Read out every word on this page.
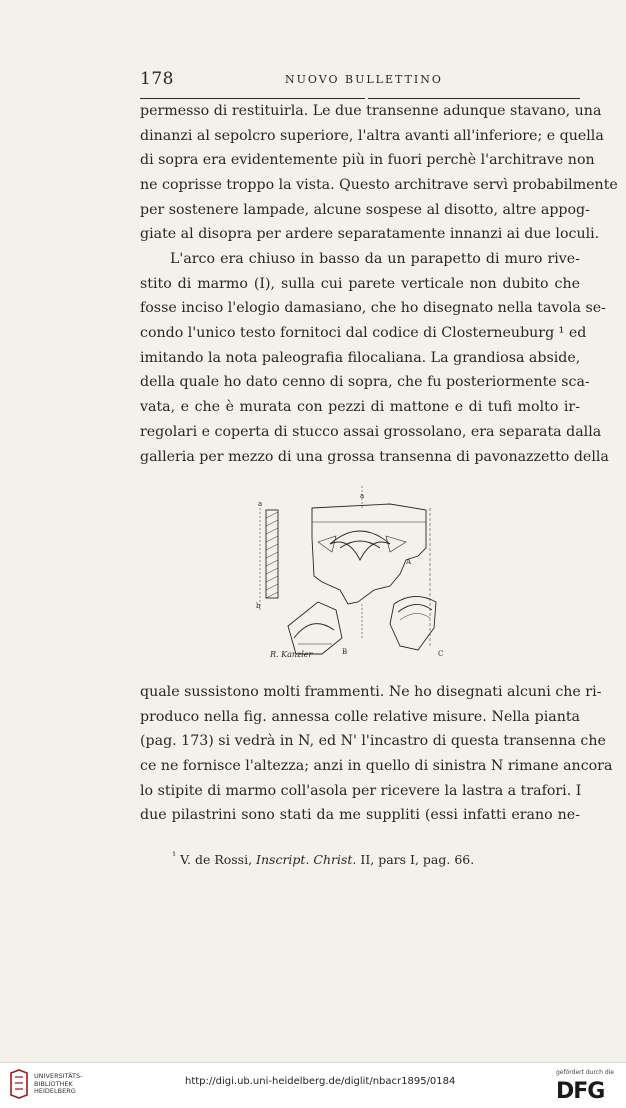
178	NUOVO BULLETTINO
permesso di restituirla. Le due transenne adunque stavano, una
dinanzi al sepolcro superiore, l'altra avanti all'inferiore; e quella
di sopra era evidentemente più in fuori perchè l'architrave non
ne coprisse troppo la vista. Questo architrave servì probabilmente
per sostenere lampade, alcune sospese al disotto, altre appog-
giate al disopra per ardere separatamente innanzi ai due loculi.
L'arco era chiuso in basso da un parapetto di muro rive-
stito di marmo (I), sulla cui parete verticale non dubito che
fosse inciso l'elogio damasiano, che ho disegnato nella tavola se-
condo l'unico testo fornitoci dal codice di Closterneuburg ¹ ed
imitando la nota paleografia filocaliana. La grandiosa abside,
della quale ho dato cenno di sopra, che fu posteriormente sca-
vata, e che è murata con pezzi di mattone e di tufi molto ir-
regolari e coperta di stucco assai grossolano, era separata dalla
galleria per mezzo di una grossa transenna di pavonazzetto della
a
a
A
B	C
b
R. Kanzler
quale sussistono molti frammenti. Ne ho disegnati alcuni che ri-
produco nella fig. annessa colle relative misure. Nella pianta
(pag. 173) si vedrà in N, ed N' l'incastro di questa transenna che
ce ne fornisce l'altezza; anzi in quello di sinistra N rimane ancora
lo stipite di marmo coll'asola per ricevere la lastra a trafori. I
due pilastrini sono stati da me suppliti (essi infatti erano ne-
$^{^1}$ V. de Rossi, Inscript. Christ. II, pars I, pag. 66.
UNIVERSITÄTS-
BIBLIOTHEK
HEIDELBERG
http://digi.ub.uni-heidelberg.de/diglit/nbacr1895/0184
gefördert durch die
DFG
